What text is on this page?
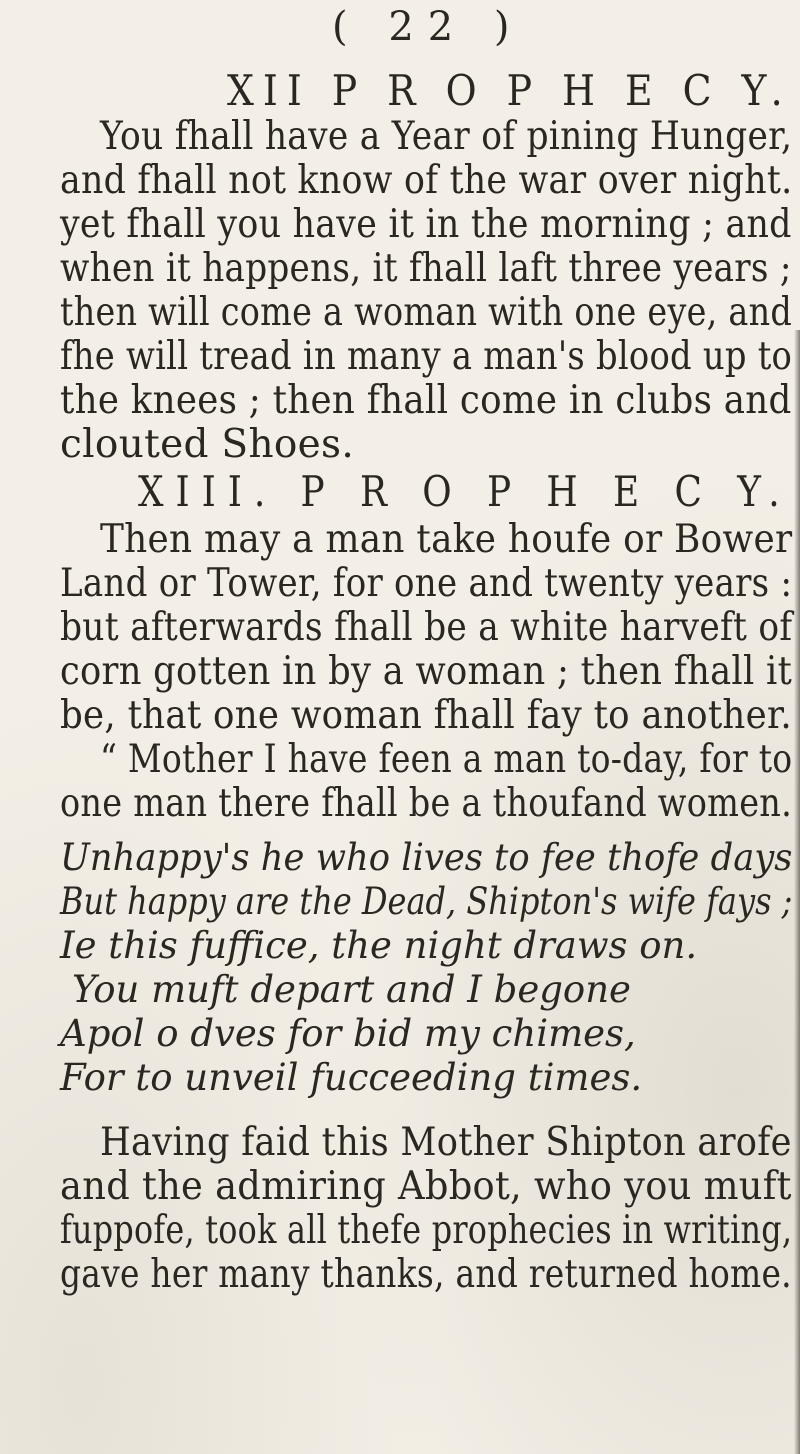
( 22 )
XII P R O P H E C Y.
You fhall have a Year of pining Hunger,
and fhall not know of the war over night.
yet fhall you have it in the morning ; and
when it happens, it fhall laft three years ;
then will come a woman with one eye, and
fhe will tread in many a man's blood up to
the knees ; then fhall come in clubs and
clouted Shoes.
XIII. P R O P H E C Y.
Then may a man take houfe or Bower
Land or Tower, for one and twenty years :
but afterwards fhall be a white harveft of
corn gotten in by a woman ; then fhall it
be, that one woman fhall fay to another.
“ Mother I have feen a man to-day, for to
one man there fhall be a thoufand women.
Unhappy's he who lives to fee thofe days
But happy are the Dead, Shipton's wife fays ;
Ie this fuffice, the night draws on.
You muft depart and I begone
Apol o dves for bid my chimes,
For to unveil fucceeding times.
Having faid this Mother Shipton arofe
and the admiring Abbot, who you muft
fuppofe, took all thefe prophecies in writing,
gave her many thanks, and returned home.
